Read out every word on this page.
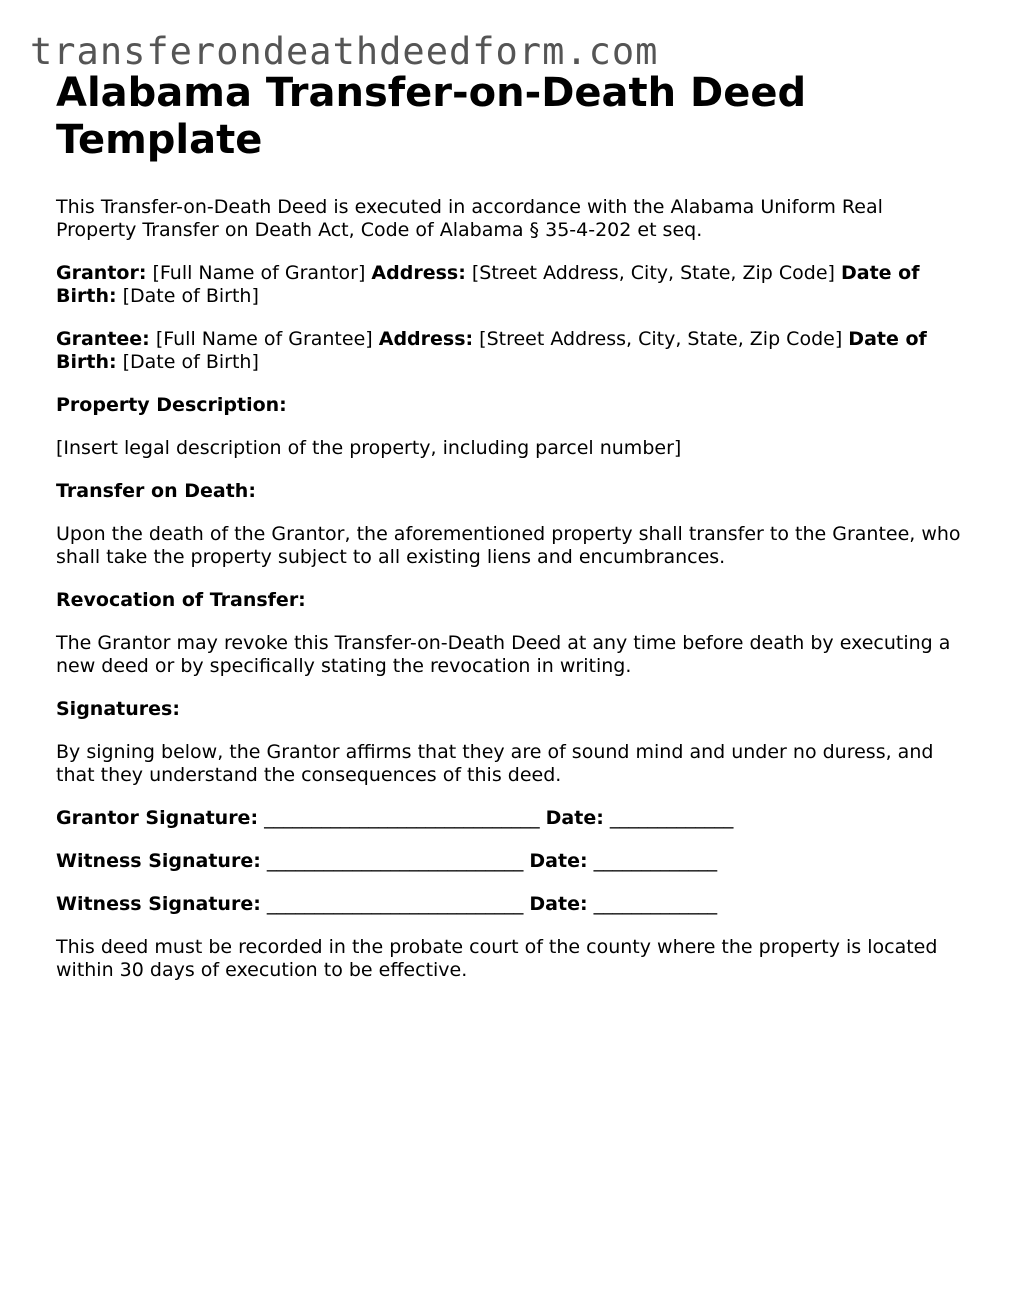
transferondeathdeedform.com
Alabama Transfer-on-Death Deed Template

This Transfer-on-Death Deed is executed in accordance with the Alabama Uniform Real Property Transfer on Death Act, Code of Alabama § 35-4-202 et seq.

Grantor: [Full Name of Grantor] Address: [Street Address, City, State, Zip Code] Date of Birth: [Date of Birth]

Grantee: [Full Name of Grantee] Address: [Street Address, City, State, Zip Code] Date of Birth: [Date of Birth]

Property Description:

[Insert legal description of the property, including parcel number]

Transfer on Death:

Upon the death of the Grantor, the aforementioned property shall transfer to the Grantee, who shall take the property subject to all existing liens and encumbrances.

Revocation of Transfer:

The Grantor may revoke this Transfer-on-Death Deed at any time before death by executing a new deed or by specifically stating the revocation in writing.

Signatures:

By signing below, the Grantor affirms that they are of sound mind and under no duress, and that they understand the consequences of this deed.

Grantor Signature: _____________________________ Date: _____________

Witness Signature: ___________________________ Date: _____________

Witness Signature: ___________________________ Date: _____________

This deed must be recorded in the probate court of the county where the property is located within 30 days of execution to be effective.
